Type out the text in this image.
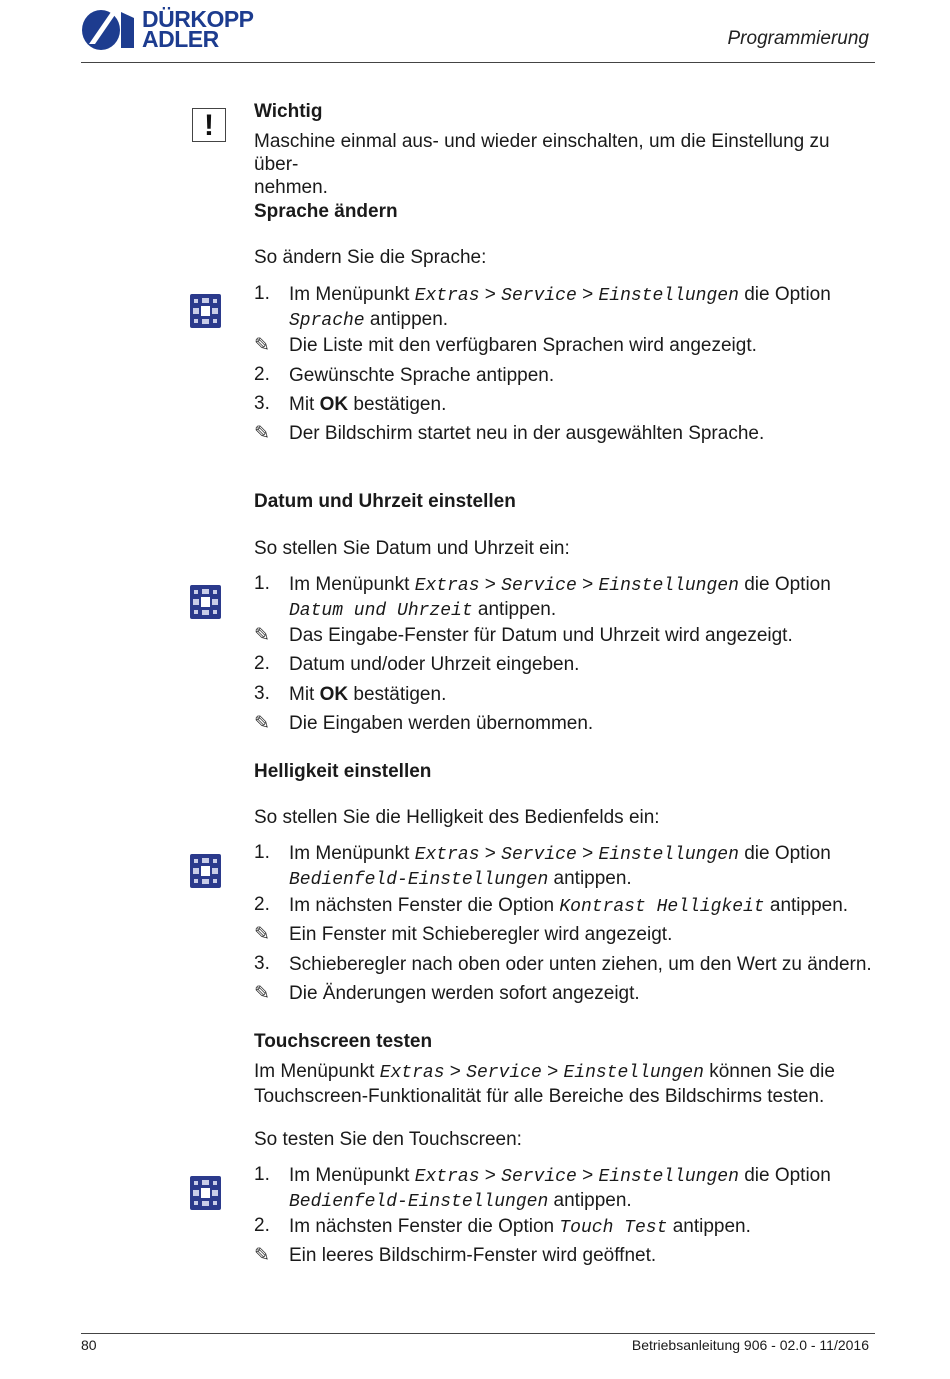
DÜRKOPP
ADLER	Programmierung
!	Wichtig
Maschine einmal aus- und wieder einschalten, um die Einstellung zu über-
nehmen.
Sprache ändern
So ändern Sie die Sprache:
1. Im Menüpunkt Extras > Service > Einstellungen die Option
Sprache antippen.
✎ Die Liste mit den verfügbaren Sprachen wird angezeigt.
2. Gewünschte Sprache antippen.
3. Mit OK bestätigen.
✎ Der Bildschirm startet neu in der ausgewählten Sprache.
Datum und Uhrzeit einstellen
So stellen Sie Datum und Uhrzeit ein:
1. Im Menüpunkt Extras > Service > Einstellungen die Option
Datum und Uhrzeit antippen.
✎ Das Eingabe-Fenster für Datum und Uhrzeit wird angezeigt.
2. Datum und/oder Uhrzeit eingeben.
3. Mit OK bestätigen.
✎ Die Eingaben werden übernommen.
Helligkeit einstellen
So stellen Sie die Helligkeit des Bedienfelds ein:
1. Im Menüpunkt Extras > Service > Einstellungen die Option
Bedienfeld-Einstellungen antippen.
2. Im nächsten Fenster die Option Kontrast Helligkeit antippen.
✎ Ein Fenster mit Schieberegler wird angezeigt.
3. Schieberegler nach oben oder unten ziehen, um den Wert zu ändern.
✎ Die Änderungen werden sofort angezeigt.
Touchscreen testen
Im Menüpunkt Extras > Service > Einstellungen können Sie die
Touchscreen-Funktionalität für alle Bereiche des Bildschirms testen.
So testen Sie den Touchscreen:
1. Im Menüpunkt Extras > Service > Einstellungen die Option
Bedienfeld-Einstellungen antippen.
2. Im nächsten Fenster die Option Touch Test antippen.
✎ Ein leeres Bildschirm-Fenster wird geöffnet.
80	Betriebsanleitung 906 - 02.0 - 11/2016
